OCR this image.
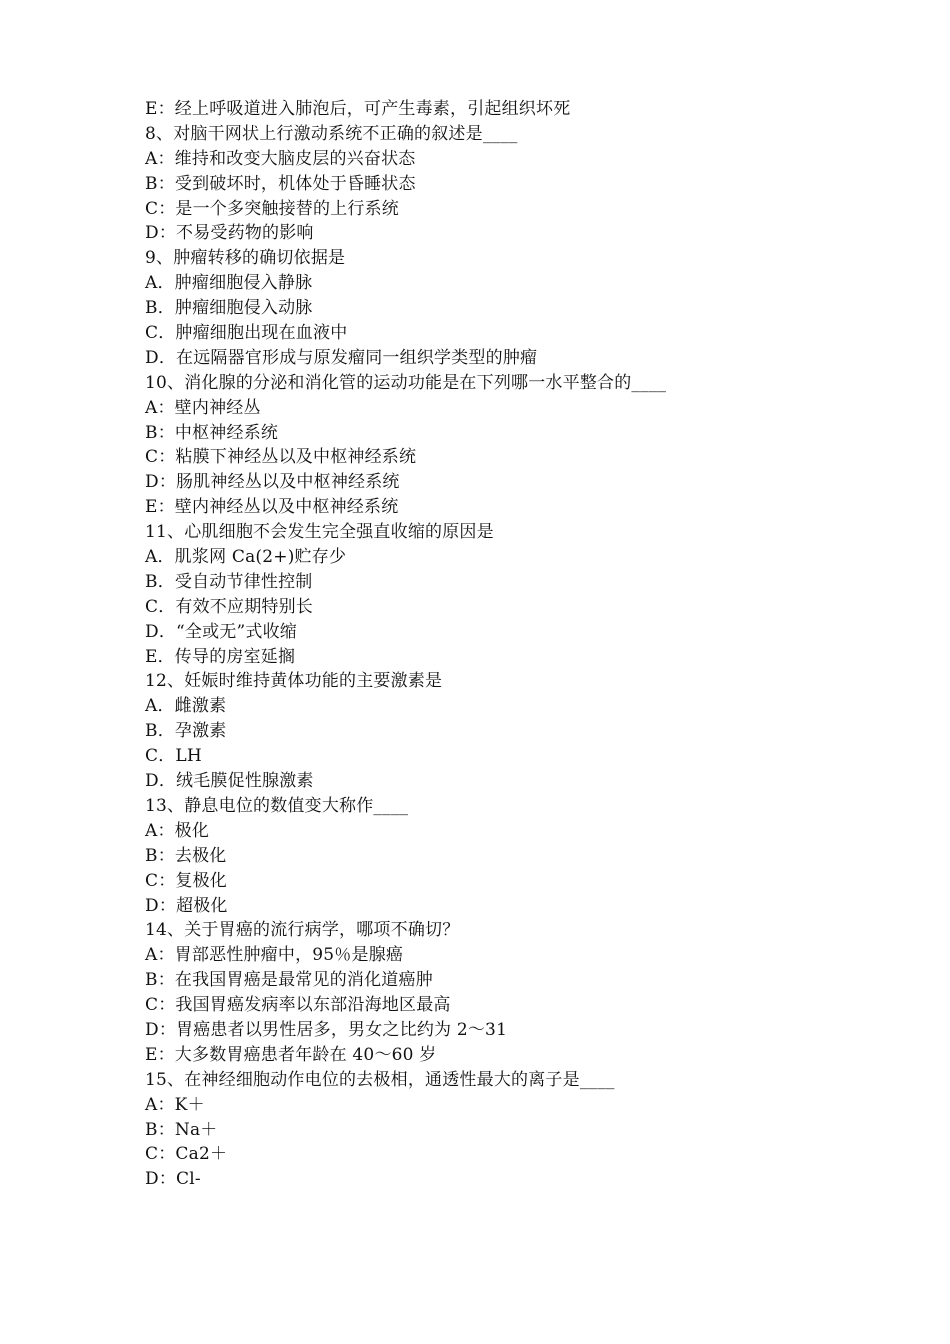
E：经上呼吸道进入肺泡后，可产生毒素，引起组织坏死
8、对脑干网状上行激动系统不正确的叙述是____
A：维持和改变大脑皮层的兴奋状态
B：受到破坏时，机体处于昏睡状态
C：是一个多突触接替的上行系统
D：不易受药物的影响
9、肿瘤转移的确切依据是
A．肿瘤细胞侵入静脉
B．肿瘤细胞侵入动脉
C．肿瘤细胞出现在血液中
D．在远隔器官形成与原发瘤同一组织学类型的肿瘤
10、消化腺的分泌和消化管的运动功能是在下列哪一水平整合的____
A：壁内神经丛
B：中枢神经系统
C：粘膜下神经丛以及中枢神经系统
D：肠肌神经丛以及中枢神经系统
E：壁内神经丛以及中枢神经系统
11、心肌细胞不会发生完全强直收缩的原因是
A．肌浆网 Ca(2+)贮存少
B．受自动节律性控制
C．有效不应期特别长
D．“全或无”式收缩
E．传导的房室延搁
12、妊娠时维持黄体功能的主要激素是
A．雌激素
B．孕激素
C．LH
D．绒毛膜促性腺激素
13、静息电位的数值变大称作____
A：极化
B：去极化
C：复极化
D：超极化
14、关于胃癌的流行病学，哪项不确切？
A：胃部恶性肿瘤中，95％是腺癌
B：在我国胃癌是最常见的消化道癌肿
C：我国胃癌发病率以东部沿海地区最高
D：胃癌患者以男性居多，男女之比约为 2～31
E：大多数胃癌患者年龄在 40～60 岁
15、在神经细胞动作电位的去极相，通透性最大的离子是____
A：K＋
B：Na＋
C：Ca2＋
D：Cl-
